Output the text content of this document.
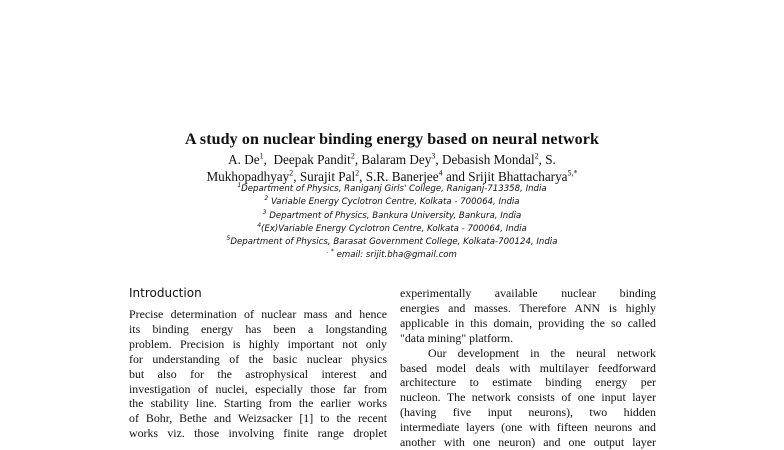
A study on nuclear binding energy based on neural network
A. De$^1$,  Deepak Pandit$^2$, Balaram Dey$^3$, Debasish Mondal$^2$, S.
Mukhopadhyay$^2$, Surajit Pal$^2$, S.R. Banerjee$^4$ and Srijit Bhattacharya$^{5,*}$
$^1$Department of Physics, Raniganj Girls' College, Raniganj-713358, India
$^2$ Variable Energy Cyclotron Centre, Kolkata - 700064, India
$^3$ Department of Physics, Bankura University, Bankura, India
$^4$(Ex)Variable Energy Cyclotron Centre, Kolkata - 700064, India
$^5$Department of Physics, Barasat Government College, Kolkata-700124, India
. * email: srijit.bha@gmail.com
Introduction
Precise determination of nuclear mass and hence
its binding energy has been a longstanding
problem. Precision is highly important not only
for understanding of the basic nuclear physics
but also for the astrophysical interest and
investigation of nuclei, especially those far from
the stability line. Starting from the earlier works
of Bohr, Bethe and Weizsacker [1] to the recent
works viz. those involving finite range droplet
experimentally available nuclear binding
energies and masses. Therefore ANN is highly
applicable in this domain, providing the so called
"data mining" platform.
Our development in the neural network
based model deals with multilayer feedforward
architecture to estimate binding energy per
nucleon. The network consists of one input layer
(having five input neurons), two hidden
intermediate layers (one with fifteen neurons and
another with one neuron) and one output layer
